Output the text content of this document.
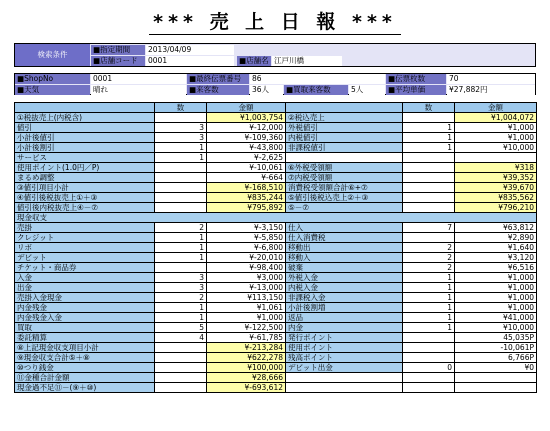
*** 売 上 日 報 ***
検索条件
■指定期間	2013/04/09
■店舗コード	0001	■店舗名 江戸川橋
■ShopNo	0001	■最終伝票番号	86	■伝票枚数	70
■天気	晴れ	■来客数	36人	■買取来客数	5人	■平均単価	¥27,882円
	数	金額		数	金額
①税抜売上(内税含)		¥1,003,754	②税込売上		¥1,004,072
値引	3	¥-12,000	外税値引	1	¥1,000
小計後値引	3	¥-109,360	内税値引	1	¥1,000
小計後割引	1	¥-43,800	非課税値引	1	¥10,000
サービス	1	¥-2,625			
使用ポイント(1.0円／P)		¥-10,061	⑥外税受領額		¥318
まるめ調整		¥-664	⑦内税受領額		¥39,352
③値引項目小計		¥-168,510	消費税受領額合計⑥+⑦		¥39,670
④値引後税抜売上①＋③		¥835,244	⑤値引後税込売上②＋③		¥835,562
値引後内税抜売上④－⑦		¥795,892	⑤－⑦		¥796,210
現金収支					
売掛	2	¥-3,150	仕入	7	¥63,812
クレジット	1	¥-5,850	仕入消費税		¥2,890
リボ	1	¥-6,800	移動出	2	¥1,640
デビット	1	¥-20,010	移動入	2	¥3,120
チケット・商品券		¥-98,400	破棄	2	¥6,516
入金	3	¥3,000	外税入金	1	¥1,000
出金	3	¥-13,000	内税入金	1	¥1,000
売掛入金現金	2	¥113,150	非課税入金	1	¥1,000
内金残金	1	¥1,061	小計後割増	1	¥1,000
内金残金入金	1	¥1,000	返品	1	¥41,000
買取	5	¥-122,500	内金	1	¥10,000
委託精算	4	¥-61,785	発行ポイント		45,035P
⑧上記現金収支項目小計		¥-213,284	使用ポイント		-10,061P
⑨現金収支合計⑤＋⑧		¥622,278	残高ポイント		6,766P
⑩つり銭金		¥100,000	デビット出金	0	¥0
⑪金種合計金額		¥28,666			
現金過不足⑪－(⑨＋⑩)		¥-693,612			
